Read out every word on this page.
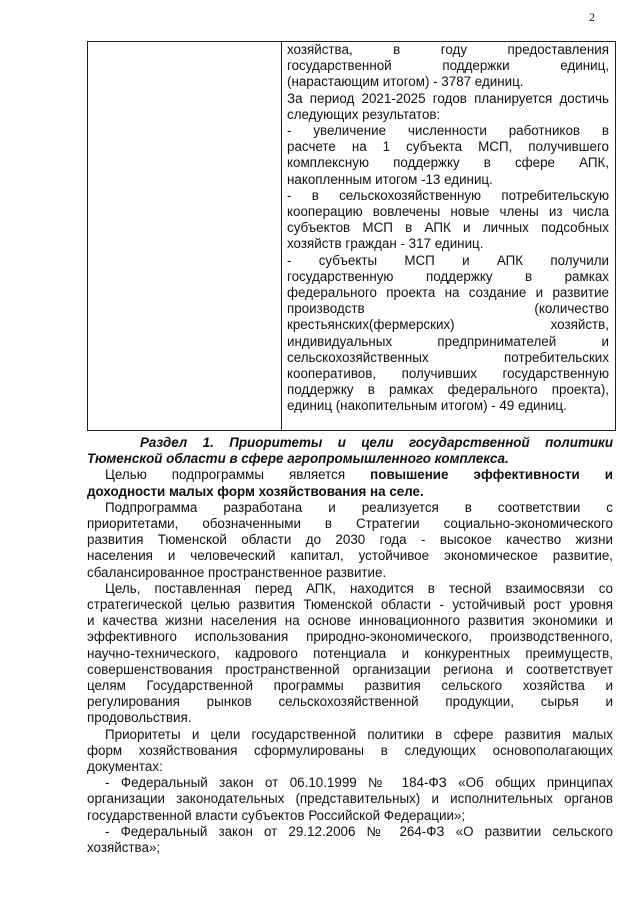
2
хозяйства, в году предоставления
государственной поддержки единиц,
(нарастающим итогом) - 3787 единиц.
За период 2021-2025 годов планируется достичь
следующих результатов:
- увеличение численности работников в
расчете на 1 субъекта МСП, получившего
комплексную поддержку в сфере АПК,
накопленным итогом -13 единиц.
- в сельскохозяйственную потребительскую
кооперацию вовлечены новые члены из числа
субъектов МСП в АПК и личных подсобных
хозяйств граждан - 317 единиц.
- субъекты МСП и АПК получили
государственную поддержку в рамках
федерального проекта на создание и развитие
производств (количество
крестьянских(фермерских) хозяйств,
индивидуальных предпринимателей и
сельскохозяйственных потребительских
кооперативов, получивших государственную
поддержку в рамках федерального проекта),
единиц (накопительным итогом) - 49 единиц.

Раздел 1. Приоритеты и цели государственной политики
Тюменской области в сфере агропромышленного комплекса.

Целью подпрограммы является повышение эффективности и
доходности малых форм хозяйствования на селе.

Подпрограмма разработана и реализуется в соответствии с
приоритетами, обозначенными в Стратегии социально-экономического
развития Тюменской области до 2030 года - высокое качество жизни
населения и человеческий капитал, устойчивое экономическое развитие,
сбалансированное пространственное развитие.

Цель, поставленная перед АПК, находится в тесной взаимосвязи со
стратегической целью развития Тюменской области - устойчивый рост уровня
и качества жизни населения на основе инновационного развития экономики и
эффективного использования природно-экономического, производственного,
научно-технического, кадрового потенциала и конкурентных преимуществ,
совершенствования пространственной организации региона и соответствует
целям Государственной программы развития сельского хозяйства и
регулирования рынков сельскохозяйственной продукции, сырья и
продовольствия.

Приоритеты и цели государственной политики в сфере развития малых
форм хозяйствования сформулированы в следующих основополагающих
документах:

- Федеральный закон от 06.10.1999 № 184-ФЗ «Об общих принципах
организации законодательных (представительных) и исполнительных органов
государственной власти субъектов Российской Федерации»;

- Федеральный закон от 29.12.2006 № 264-ФЗ «О развитии сельского
хозяйства»;
